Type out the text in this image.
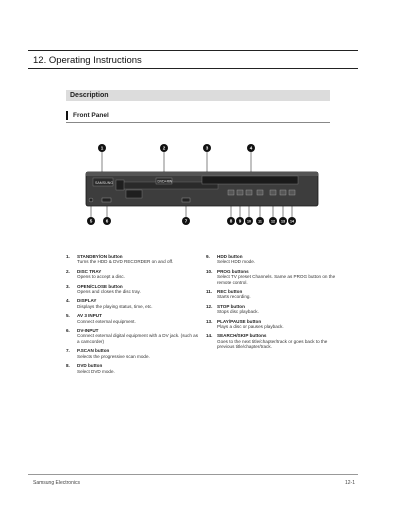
12. Operating Instructions
Description
Front Panel
SAMSUNG	DVD+RW
1	2	3	4
5	6	7	8 9 10 11	12 13 14
1. STANDBY/ON button
Turns the HDD & DVD RECORDER on and off.
2. DISC TRAY
Opens to accept a disc.
3. OPEN/CLOSE button
Opens and closes the disc tray.
4. DISPLAY
Displays the playing status, time, etc.
5. AV 3 INPUT
Connect external equipment.
6. DV-INPUT
Connect external digital equipment with a DV jack. (such as a camcorder)
7. P.SCAN button
Selects the progressive scan mode.
8. DVD button
Select DVD mode.
9. HDD button
Select HDD mode.
10. PROG buttons
Select TV preset Channels. Same as PROG button on the remote control.
11. REC button
Starts recording.
12. STOP button
Stops disc playback.
13. PLAY/PAUSE button
Plays a disc or pauses playback.
14. SEARCH/SKIP buttons
Goes to the next title/chapter/track or goes back to the previous title/chapter/track.
Samsung Electronics	12-1
